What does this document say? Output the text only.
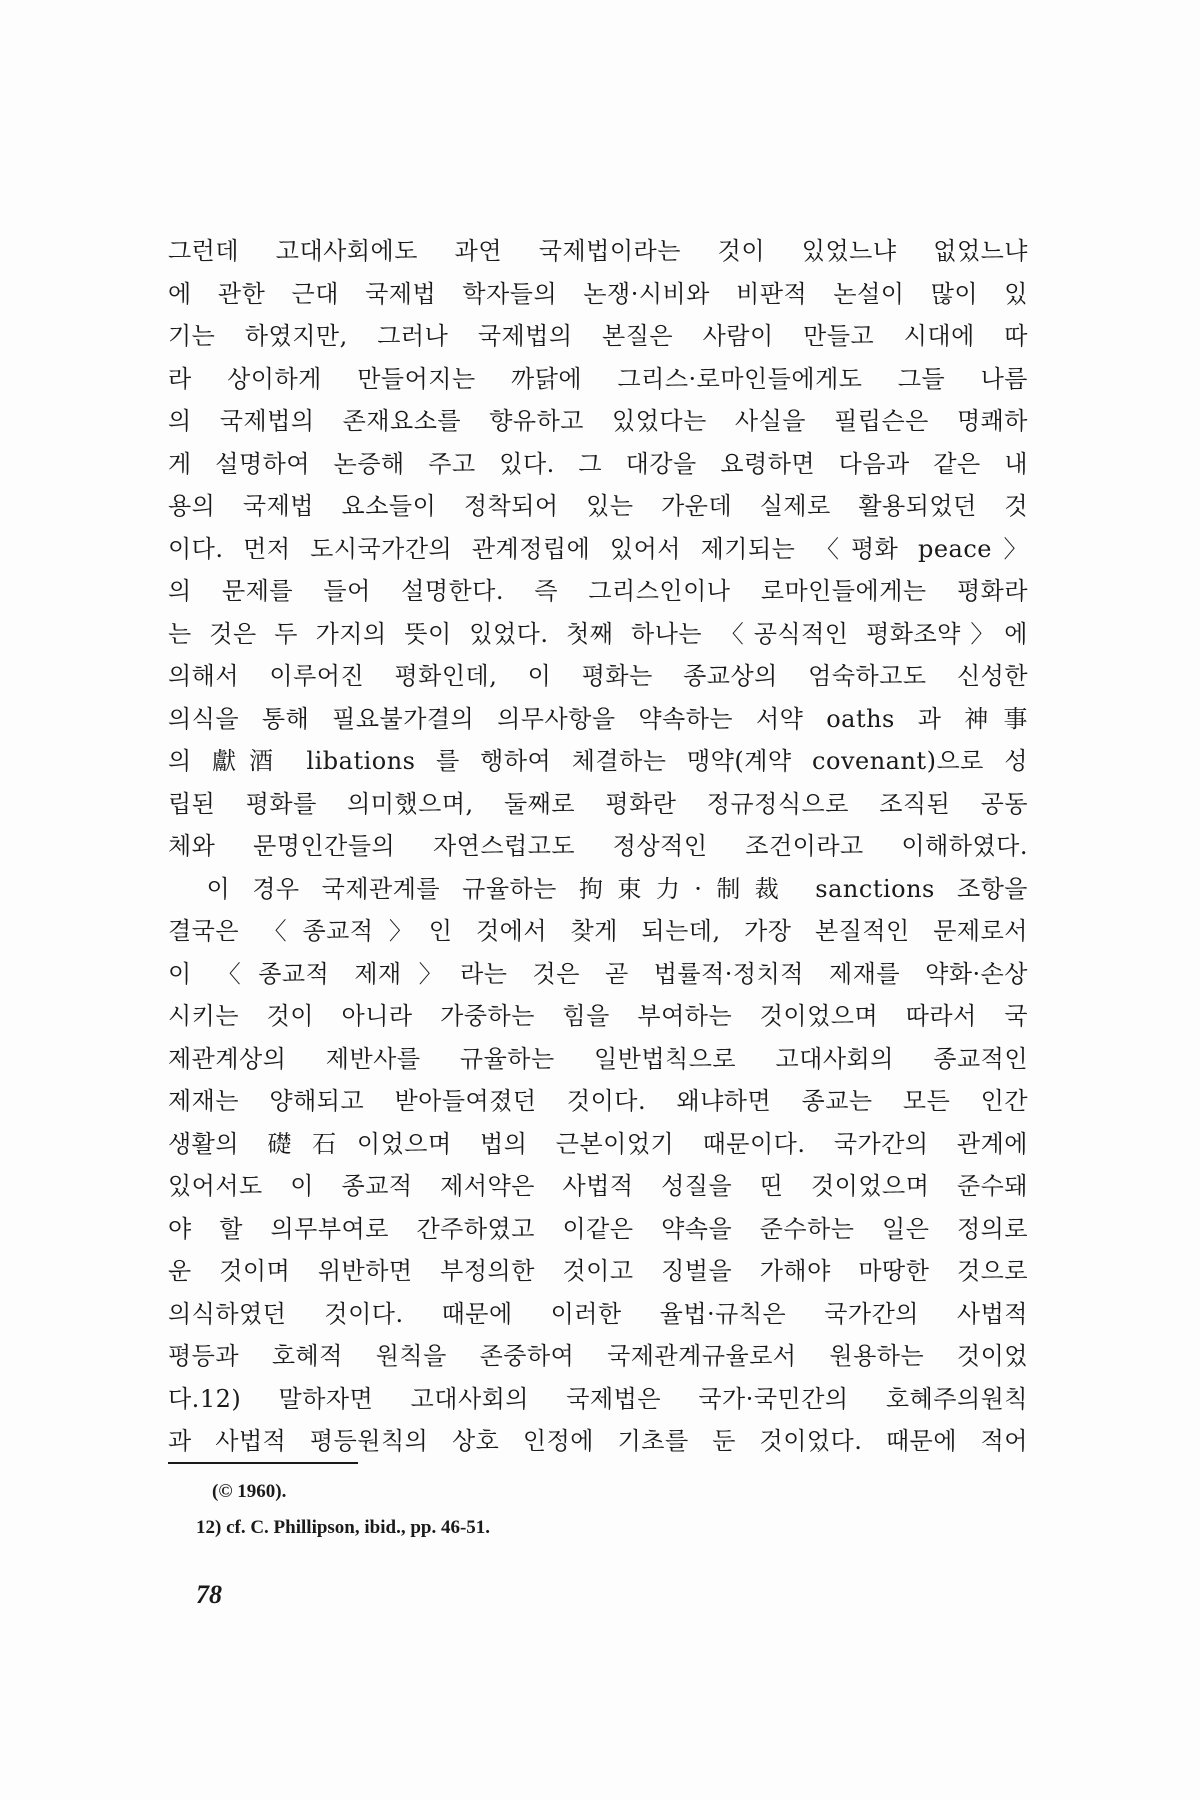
그런데 고대사회에도 과연 국제법이라는 것이 있었느냐 없었느냐
에 관한 근대 국제법 학자들의 논쟁·시비와 비판적 논설이 많이 있
기는 하였지만, 그러나 국제법의 본질은 사람이 만들고 시대에 따
라 상이하게 만들어지는 까닭에 그리스·로마인들에게도 그들 나름
의 국제법의 존재요소를 향유하고 있었다는 사실을 필립슨은 명쾌하
게 설명하여 논증해 주고 있다. 그 대강을 요령하면 다음과 같은 내
용의 국제법 요소들이 정착되어 있는 가운데 실제로 활용되었던 것
이다. 먼저 도시국가간의 관계정립에 있어서 제기되는 〈평화 peace〉
의 문제를 들어 설명한다. 즉 그리스인이나 로마인들에게는 평화라
는 것은 두 가지의 뜻이 있었다. 첫째 하나는 〈공식적인 평화조약〉에
의해서 이루어진 평화인데, 이 평화는 종교상의 엄숙하고도 신성한
의식을 통해 필요불가결의 의무사항을 약속하는 서약 oaths 과 神事
의 獻酒 libations 를 행하여 체결하는 맹약(계약 covenant)으로 성
립된 평화를 의미했으며, 둘째로 평화란 정규정식으로 조직된 공동
체와 문명인간들의 자연스럽고도 정상적인 조건이라고 이해하였다.
　이 경우 국제관계를 규율하는 拘束力·制裁 sanctions 조항을
결국은 〈종교적〉인 것에서 찾게 되는데, 가장 본질적인 문제로서
이 〈종교적 제재〉라는 것은 곧 법률적·정치적 제재를 약화·손상
시키는 것이 아니라 가중하는 힘을 부여하는 것이었으며 따라서 국
제관계상의 제반사를 규율하는 일반법칙으로 고대사회의 종교적인
제재는 양해되고 받아들여졌던 것이다. 왜냐하면 종교는 모든 인간
생활의 礎石이었으며 법의 근본이었기 때문이다. 국가간의 관계에
있어서도 이 종교적 제서약은 사법적 성질을 띤 것이었으며 준수돼
야 할 의무부여로 간주하였고 이같은 약속을 준수하는 일은 정의로
운 것이며 위반하면 부정의한 것이고 징벌을 가해야 마땅한 것으로
의식하였던 것이다. 때문에 이러한 율법·규칙은 국가간의 사법적
평등과 호혜적 원칙을 존중하여 국제관계규율로서 원용하는 것이었
다.12) 말하자면 고대사회의 국제법은 국가·국민간의 호혜주의원칙
과 사법적 평등원칙의 상호 인정에 기초를 둔 것이었다. 때문에 적어
(© 1960).
12) cf. C. Phillipson, ibid., pp. 46-51.
78
